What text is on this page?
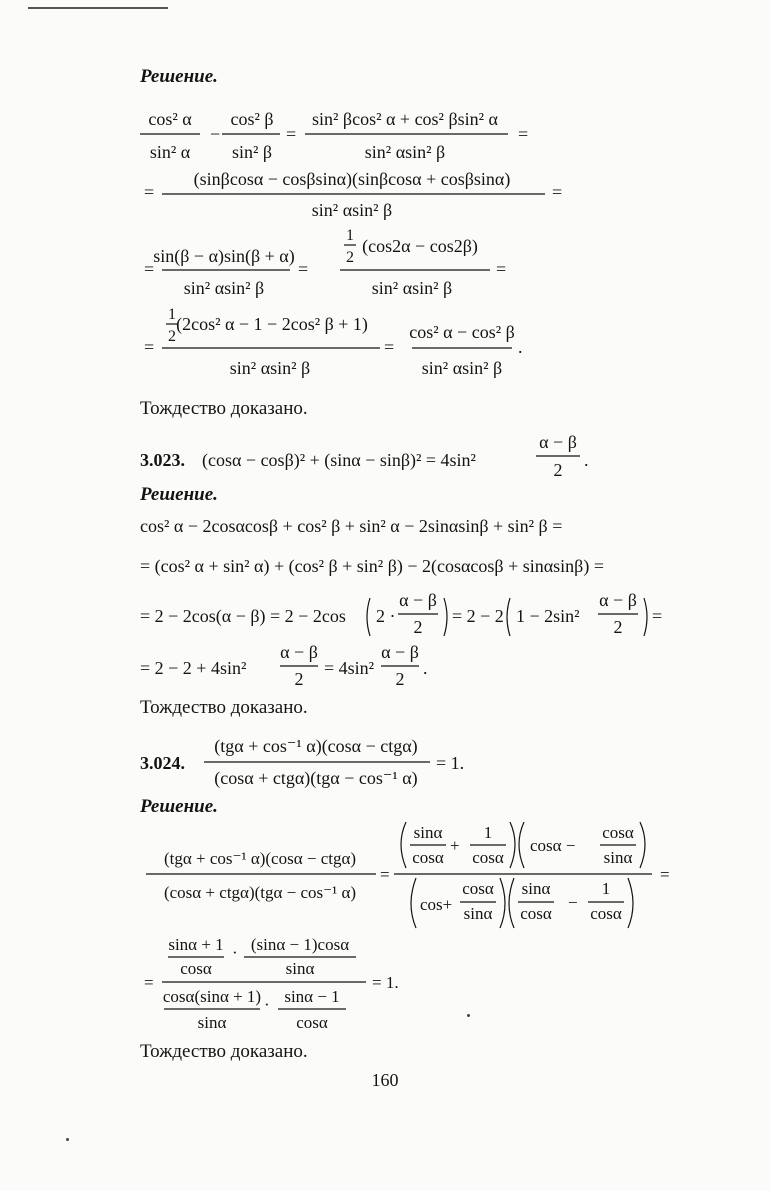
Решение.
cos² α
sin² α
−
cos² β
sin² β
=
sin² βcos² α + cos² βsin² α
sin² αsin² β
=
=
(sinβcosα − cosβsinα)(sinβcosα + cosβsinα)
sin² αsin² β
=
=
sin(β − α)sin(β + α)
sin² αsin² β
=
1
2
(cos2α − cos2β)
sin² αsin² β
=
=
1
2
(2cos² α − 1 − 2cos² β + 1)
sin² αsin² β
=
cos² α − cos² β
sin² αsin² β
.
Тождество доказано.
3.023. (cosα − cosβ)² + (sinα − sinβ)² = 4sin²
α − β
2 .
Решение.
cos² α − 2cosαcosβ + cos² β + sin² α − 2sinαsinβ + sin² β =
= (cos² α + sin² α) + (cos² β + sin² β) − 2(cosαcosβ + sinαsinβ) =
= 2 − 2cos(α − β) = 2 − 2cos 2 ·
α − β
2
= 2 − 2 1 − 2sin²
α − β
2
=
= 2 − 2 + 4sin²
α − β
2
= 4sin²
α − β
2
.
Тождество доказано.
3.024.
(tgα + cos⁻¹ α)(cosα − ctgα)
(cosα + ctgα)(tgα − cos⁻¹ α)
= 1.
Решение.
(tgα + cos⁻¹ α)(cosα − ctgα)
(cosα + ctgα)(tgα − cos⁻¹ α)
=
sinα
cosα
+
1
cosα
cosα −
cosα
sinα
=
cos+
cosα
sinα
sinα
cosα
−
1
cosα
=
sinα + 1
cosα
· (sinα − 1)cosα
sinα
= 1.
cosα(sinα + 1)
sinα
· sinα − 1
cosα
Тождество доказано.
160
